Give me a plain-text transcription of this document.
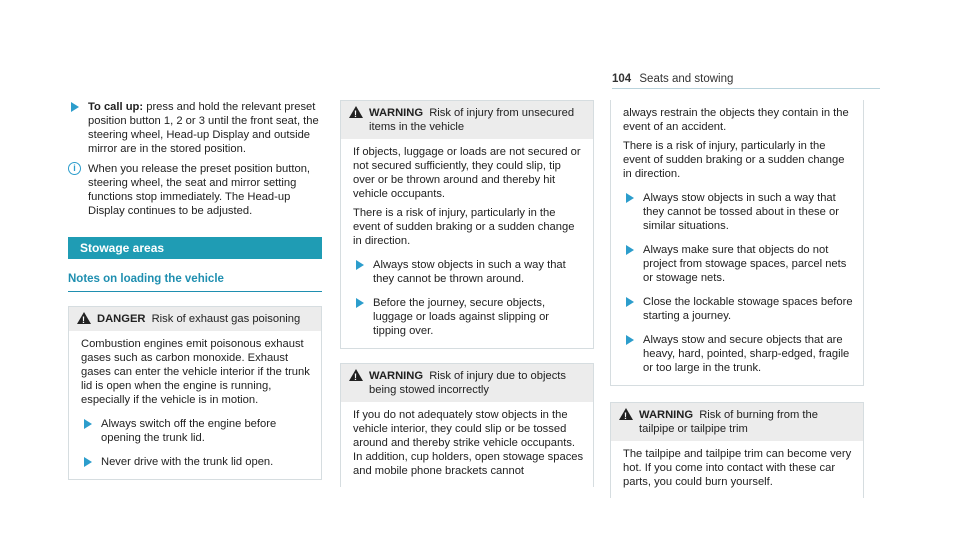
104 Seats and stowing
To call up: press and hold the relevant preset position button 1, 2 or 3 until the front seat, the steering wheel, Head-up Display and outside mirror are in the stored position.
i	When you release the preset position button, steering wheel, the seat and mirror setting functions stop immediately. The Head-up Display continues to be adjusted.
Stowage areas
Notes on loading the vehicle
!
DANGER Risk of exhaust gas poisoning

Combustion engines emit poisonous exhaust gases such as carbon monoxide. Exhaust gases can enter the vehicle interior if the trunk lid is open when the engine is running, especially if the vehicle is in motion.

Always switch off the engine before opening the trunk lid.
Never drive with the trunk lid open.
!
WARNING Risk of injury from unsecured items in the vehicle

If objects, luggage or loads are not secured or not secured sufficiently, they could slip, tip over or be thrown around and thereby hit vehicle occupants.

There is a risk of injury, particularly in the event of sudden braking or a sudden change in direction.

Always stow objects in such a way that they cannot be thrown around.
Before the journey, secure objects, luggage or loads against slipping or tipping over.
!
WARNING Risk of injury due to objects being stowed incorrectly

If you do not adequately stow objects in the vehicle interior, they could slip or be tossed around and thereby strike vehicle occupants. In addition, cup holders, open stowage spaces and mobile phone brackets cannot

always restrain the objects they contain in the event of an accident.

There is a risk of injury, particularly in the event of sudden braking or a sudden change in direction.

Always stow objects in such a way that they cannot be tossed about in these or similar situations.
Always make sure that objects do not project from stowage spaces, parcel nets or stowage nets.
Close the lockable stowage spaces before starting a journey.
Always stow and secure objects that are heavy, hard, pointed, sharp-edged, fragile or too large in the trunk.
!
WARNING Risk of burning from the tailpipe or tailpipe trim

The tailpipe and tailpipe trim can become very hot. If you come into contact with these car parts, you could burn yourself.
